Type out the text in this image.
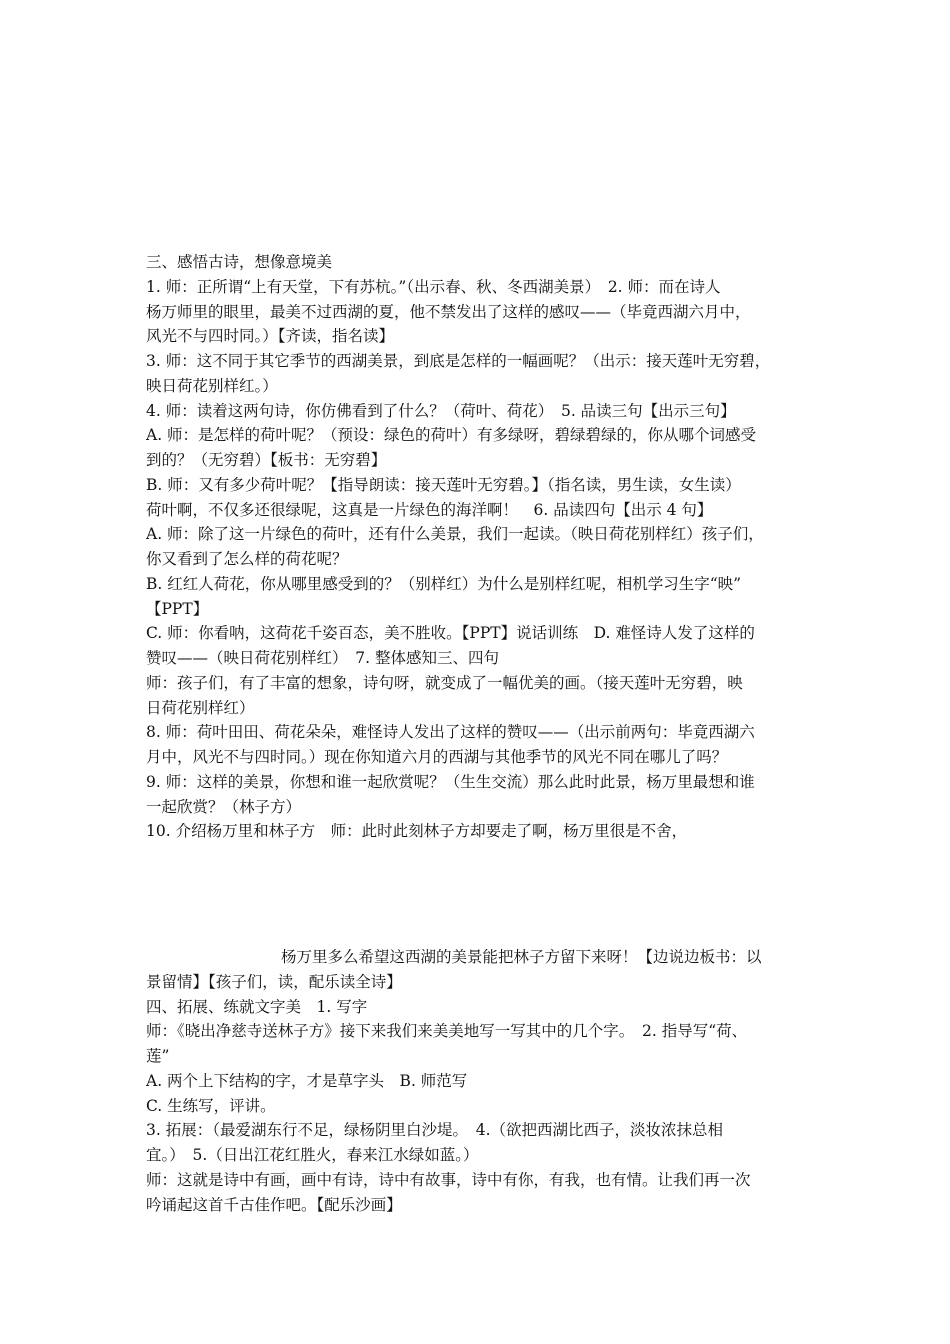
三、感悟古诗，想像意境美
1. 师：正所谓“上有天堂，下有苏杭。”（出示春、秋、冬西湖美景）　2. 师：而在诗人
杨万师里的眼里，最美不过西湖的夏，他不禁发出了这样的感叹——（毕竟西湖六月中，
风光不与四时同。）【齐读，指名读】
3. 师：这不同于其它季节的西湖美景，到底是怎样的一幅画呢？（出示：接天莲叶无穷碧，
映日荷花别样红。）
4. 师：读着这两句诗，你仿佛看到了什么？（荷叶、荷花）　5. 品读三句【出示三句】
A. 师：是怎样的荷叶呢？（预设：绿色的荷叶）有多绿呀，碧绿碧绿的，你从哪个词感受
到的？（无穷碧）【板书：无穷碧】
B. 师：又有多少荷叶呢？【指导朗读：接天莲叶无穷碧。】（指名读，男生读，女生读）
荷叶啊，不仅多还很绿呢，这真是一片绿色的海洋啊！　6. 品读四句【出示 4 句】
A. 师：除了这一片绿色的荷叶，还有什么美景，我们一起读。（映日荷花别样红）孩子们，
你又看到了怎么样的荷花呢？
B. 红红人荷花，你从哪里感受到的？（别样红）为什么是别样红呢，相机学习生字“映”
【PPT】
C. 师：你看呐，这荷花千姿百态，美不胜收。【PPT】说话训练　D. 难怪诗人发了这样的
赞叹——（映日荷花别样红）　7. 整体感知三、四句
师：孩子们，有了丰富的想象，诗句呀，就变成了一幅优美的画。（接天莲叶无穷碧，映
日荷花别样红）
8. 师：荷叶田田、荷花朵朵，难怪诗人发出了这样的赞叹——（出示前两句：毕竟西湖六
月中，风光不与四时同。）现在你知道六月的西湖与其他季节的风光不同在哪儿了吗？
9. 师：这样的美景，你想和谁一起欣赏呢？（生生交流）那么此时此景，杨万里最想和谁
一起欣赏？（林子方）
10. 介绍杨万里和林子方　师：此时此刻林子方却要走了啊，杨万里很是不舍，
杨万里多么希望这西湖的美景能把林子方留下来呀！【边说边板书：以
景留情】【孩子们，读，配乐读全诗】
四、拓展、练就文字美　1. 写字
师：《晓出净慈寺送林子方》接下来我们来美美地写一写其中的几个字。　2. 指导写“荷、
莲”
A. 两个上下结构的字，才是草字头　B. 师范写
C. 生练写，评讲。
3. 拓展：（最爱湖东行不足，绿杨阴里白沙堤。　4.（欲把西湖比西子，淡妆浓抹总相
宜。）　5.（日出江花红胜火，春来江水绿如蓝。）
师：这就是诗中有画，画中有诗，诗中有故事，诗中有你，有我，也有情。让我们再一次
吟诵起这首千古佳作吧。【配乐沙画】
